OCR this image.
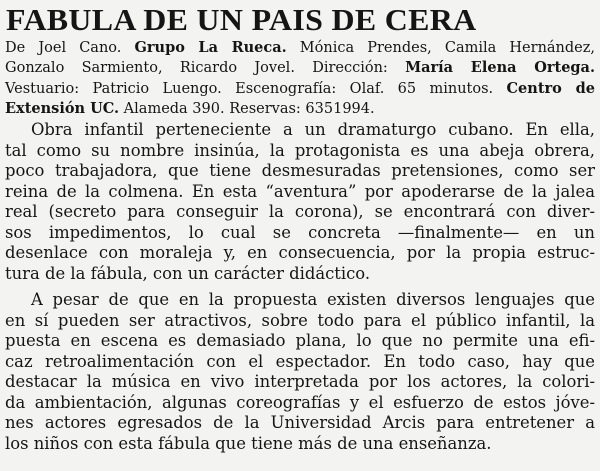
FABULA DE UN PAIS DE CERA
De Joel Cano. Grupo La Rueca. Mónica Prendes, Camila Hernández,
Gonzalo Sarmiento, Ricardo Jovel. Dirección: María Elena Ortega.
Vestuario: Patricio Luengo. Escenografía: Olaf. 65 minutos. Centro de
Extensión UC. Alameda 390. Reservas: 6351994.

Obra infantil perteneciente a un dramaturgo cubano. En ella,
tal como su nombre insinúa, la protagonista es una abeja obrera,
poco trabajadora, que tiene desmesuradas pretensiones, como ser
reina de la colmena. En esta “aventura” por apoderarse de la jalea
real (secreto para conseguir la corona), se encontrará con diver-
sos impedimentos, lo cual se concreta —finalmente— en un
desenlace con moraleja y, en consecuencia, por la propia estruc-
tura de la fábula, con un carácter didáctico.

A pesar de que en la propuesta existen diversos lenguajes que
en sí pueden ser atractivos, sobre todo para el público infantil, la
puesta en escena es demasiado plana, lo que no permite una efi-
caz retroalimentación con el espectador. En todo caso, hay que
destacar la música en vivo interpretada por los actores, la colori-
da ambientación, algunas coreografías y el esfuerzo de estos jóve-
nes actores egresados de la Universidad Arcis para entretener a
los niños con esta fábula que tiene más de una enseñanza.
